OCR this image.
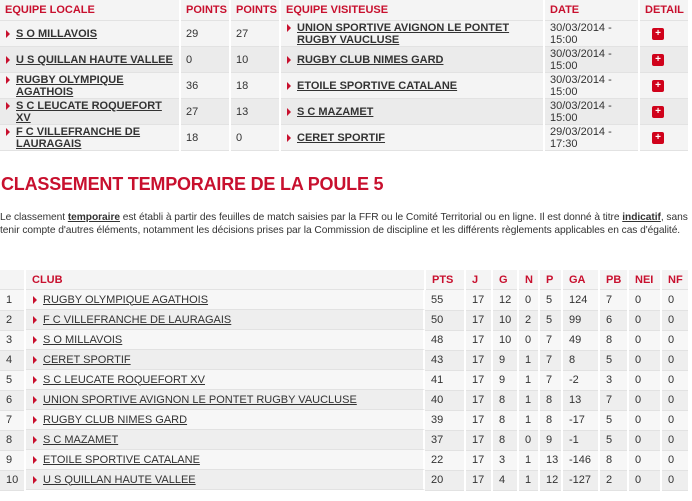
EQUIPE LOCALE	POINTS	POINTS	EQUIPE VISITEUSE	DATE	DETAIL

S O MILLAVOIS	29	27	UNION SPORTIVE AVIGNON LE PONTET RUGBY VAUCLUSE	30/03/2014 - 15:00	+

U S QUILLAN HAUTE VALLEE	0	10	RUGBY CLUB NIMES GARD	30/03/2014 - 15:00	+

RUGBY OLYMPIQUE AGATHOIS	36	18	ETOILE SPORTIVE CATALANE	30/03/2014 - 15:00	+

S C LEUCATE ROQUEFORT XV	27	13	S C MAZAMET	30/03/2014 - 15:00	+

F C VILLEFRANCHE DE LAURAGAIS	18	0	CERET SPORTIF	29/03/2014 - 17:30	+
CLASSEMENT TEMPORAIRE DE LA POULE 5

Le classement temporaire est établi à partir des feuilles de match saisies par la FFR ou le Comité Territorial ou en ligne. Il est donné à titre indicatif, sans tenir compte d'autres éléments, notamment les décisions prises par la Commission de discipline et les différents règlements applicables en cas d'égalité.

	CLUB	PTS	J	G	N	P	GA	PB	NEI	NF
1		RUGBY OLYMPIQUE AGATHOIS	55	17	12	0	5	124	7	0	0
2		F C VILLEFRANCHE DE LAURAGAIS	50	17	10	2	5	99	6	0	0
3		S O MILLAVOIS	48	17	10	0	7	49	8	0	0
4		CERET SPORTIF	43	17	9	1	7	8	5	0	0
5		S C LEUCATE ROQUEFORT XV	41	17	9	1	7	-2	3	0	0
6		UNION SPORTIVE AVIGNON LE PONTET RUGBY VAUCLUSE	40	17	8	1	8	13	7	0	0
7		RUGBY CLUB NIMES GARD	39	17	8	1	8	-17	5	0	0
8		S C MAZAMET	37	17	8	0	9	-1	5	0	0
9		ETOILE SPORTIVE CATALANE	22	17	3	1	13	-146	8	0	0
10	U S QUILLAN HAUTE VALLEE	20	17	4	1	12	-127	2	0	0
